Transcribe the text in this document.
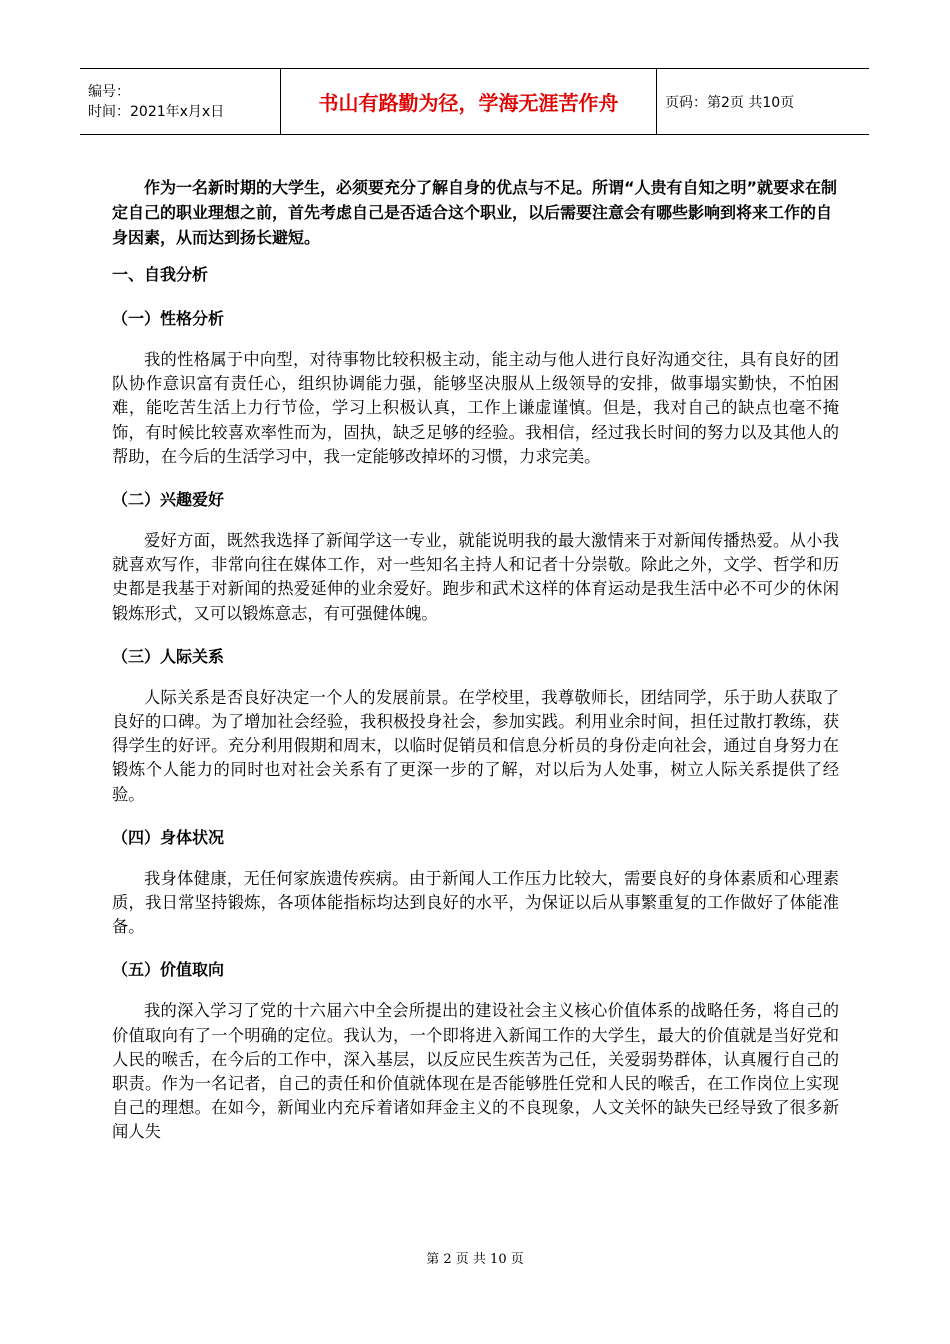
编号：
时间：2021年x月x日	书山有路勤为径，学海无涯苦作舟	页码：第2页 共10页

作为一名新时期的大学生，必须要充分了解自身的优点与不足。所谓“人贵有自知之明”就要求在制定自己的职业理想之前，首先考虑自己是否适合这个职业，以后需要注意会有哪些影响到将来工作的自身因素，从而达到扬长避短。

一、自我分析
（一）性格分析

我的性格属于中向型，对待事物比较积极主动，能主动与他人进行良好沟通交往，具有良好的团队协作意识富有责任心，组织协调能力强，能够坚决服从上级领导的安排，做事塌实勤快，不怕困难，能吃苦生活上力行节俭，学习上积极认真，工作上谦虚谨慎。但是，我对自己的缺点也毫不掩饰，有时候比较喜欢率性而为，固执，缺乏足够的经验。我相信，经过我长时间的努力以及其他人的帮助，在今后的生活学习中，我一定能够改掉坏的习惯，力求完美。

（二）兴趣爱好

爱好方面，既然我选择了新闻学这一专业，就能说明我的最大激情来于对新闻传播热爱。从小我就喜欢写作，非常向往在媒体工作，对一些知名主持人和记者十分崇敬。除此之外，文学、哲学和历史都是我基于对新闻的热爱延伸的业余爱好。跑步和武术这样的体育运动是我生活中必不可少的休闲锻炼形式，又可以锻炼意志，有可强健体魄。

（三）人际关系

人际关系是否良好决定一个人的发展前景。在学校里，我尊敬师长，团结同学，乐于助人获取了良好的口碑。为了增加社会经验，我积极投身社会，参加实践。利用业余时间，担任过散打教练，获得学生的好评。充分利用假期和周末，以临时促销员和信息分析员的身份走向社会，通过自身努力在锻炼个人能力的同时也对社会关系有了更深一步的了解，对以后为人处事，树立人际关系提供了经验。

（四）身体状况

我身体健康，无任何家族遗传疾病。由于新闻人工作压力比较大，需要良好的身体素质和心理素质，我日常坚持锻炼，各项体能指标均达到良好的水平，为保证以后从事繁重复的工作做好了体能准备。

（五）价值取向

我的深入学习了党的十六届六中全会所提出的建设社会主义核心价值体系的战略任务，将自己的价值取向有了一个明确的定位。我认为，一个即将进入新闻工作的大学生，最大的价值就是当好党和人民的喉舌，在今后的工作中，深入基层，以反应民生疾苦为己任，关爱弱势群体，认真履行自己的职责。作为一名记者，自己的责任和价值就体现在是否能够胜任党和人民的喉舌，在工作岗位上实现自己的理想。在如今，新闻业内充斥着诸如拜金主义的不良现象，人文关怀的缺失已经导致了很多新闻人失

第 2 页 共 10 页
